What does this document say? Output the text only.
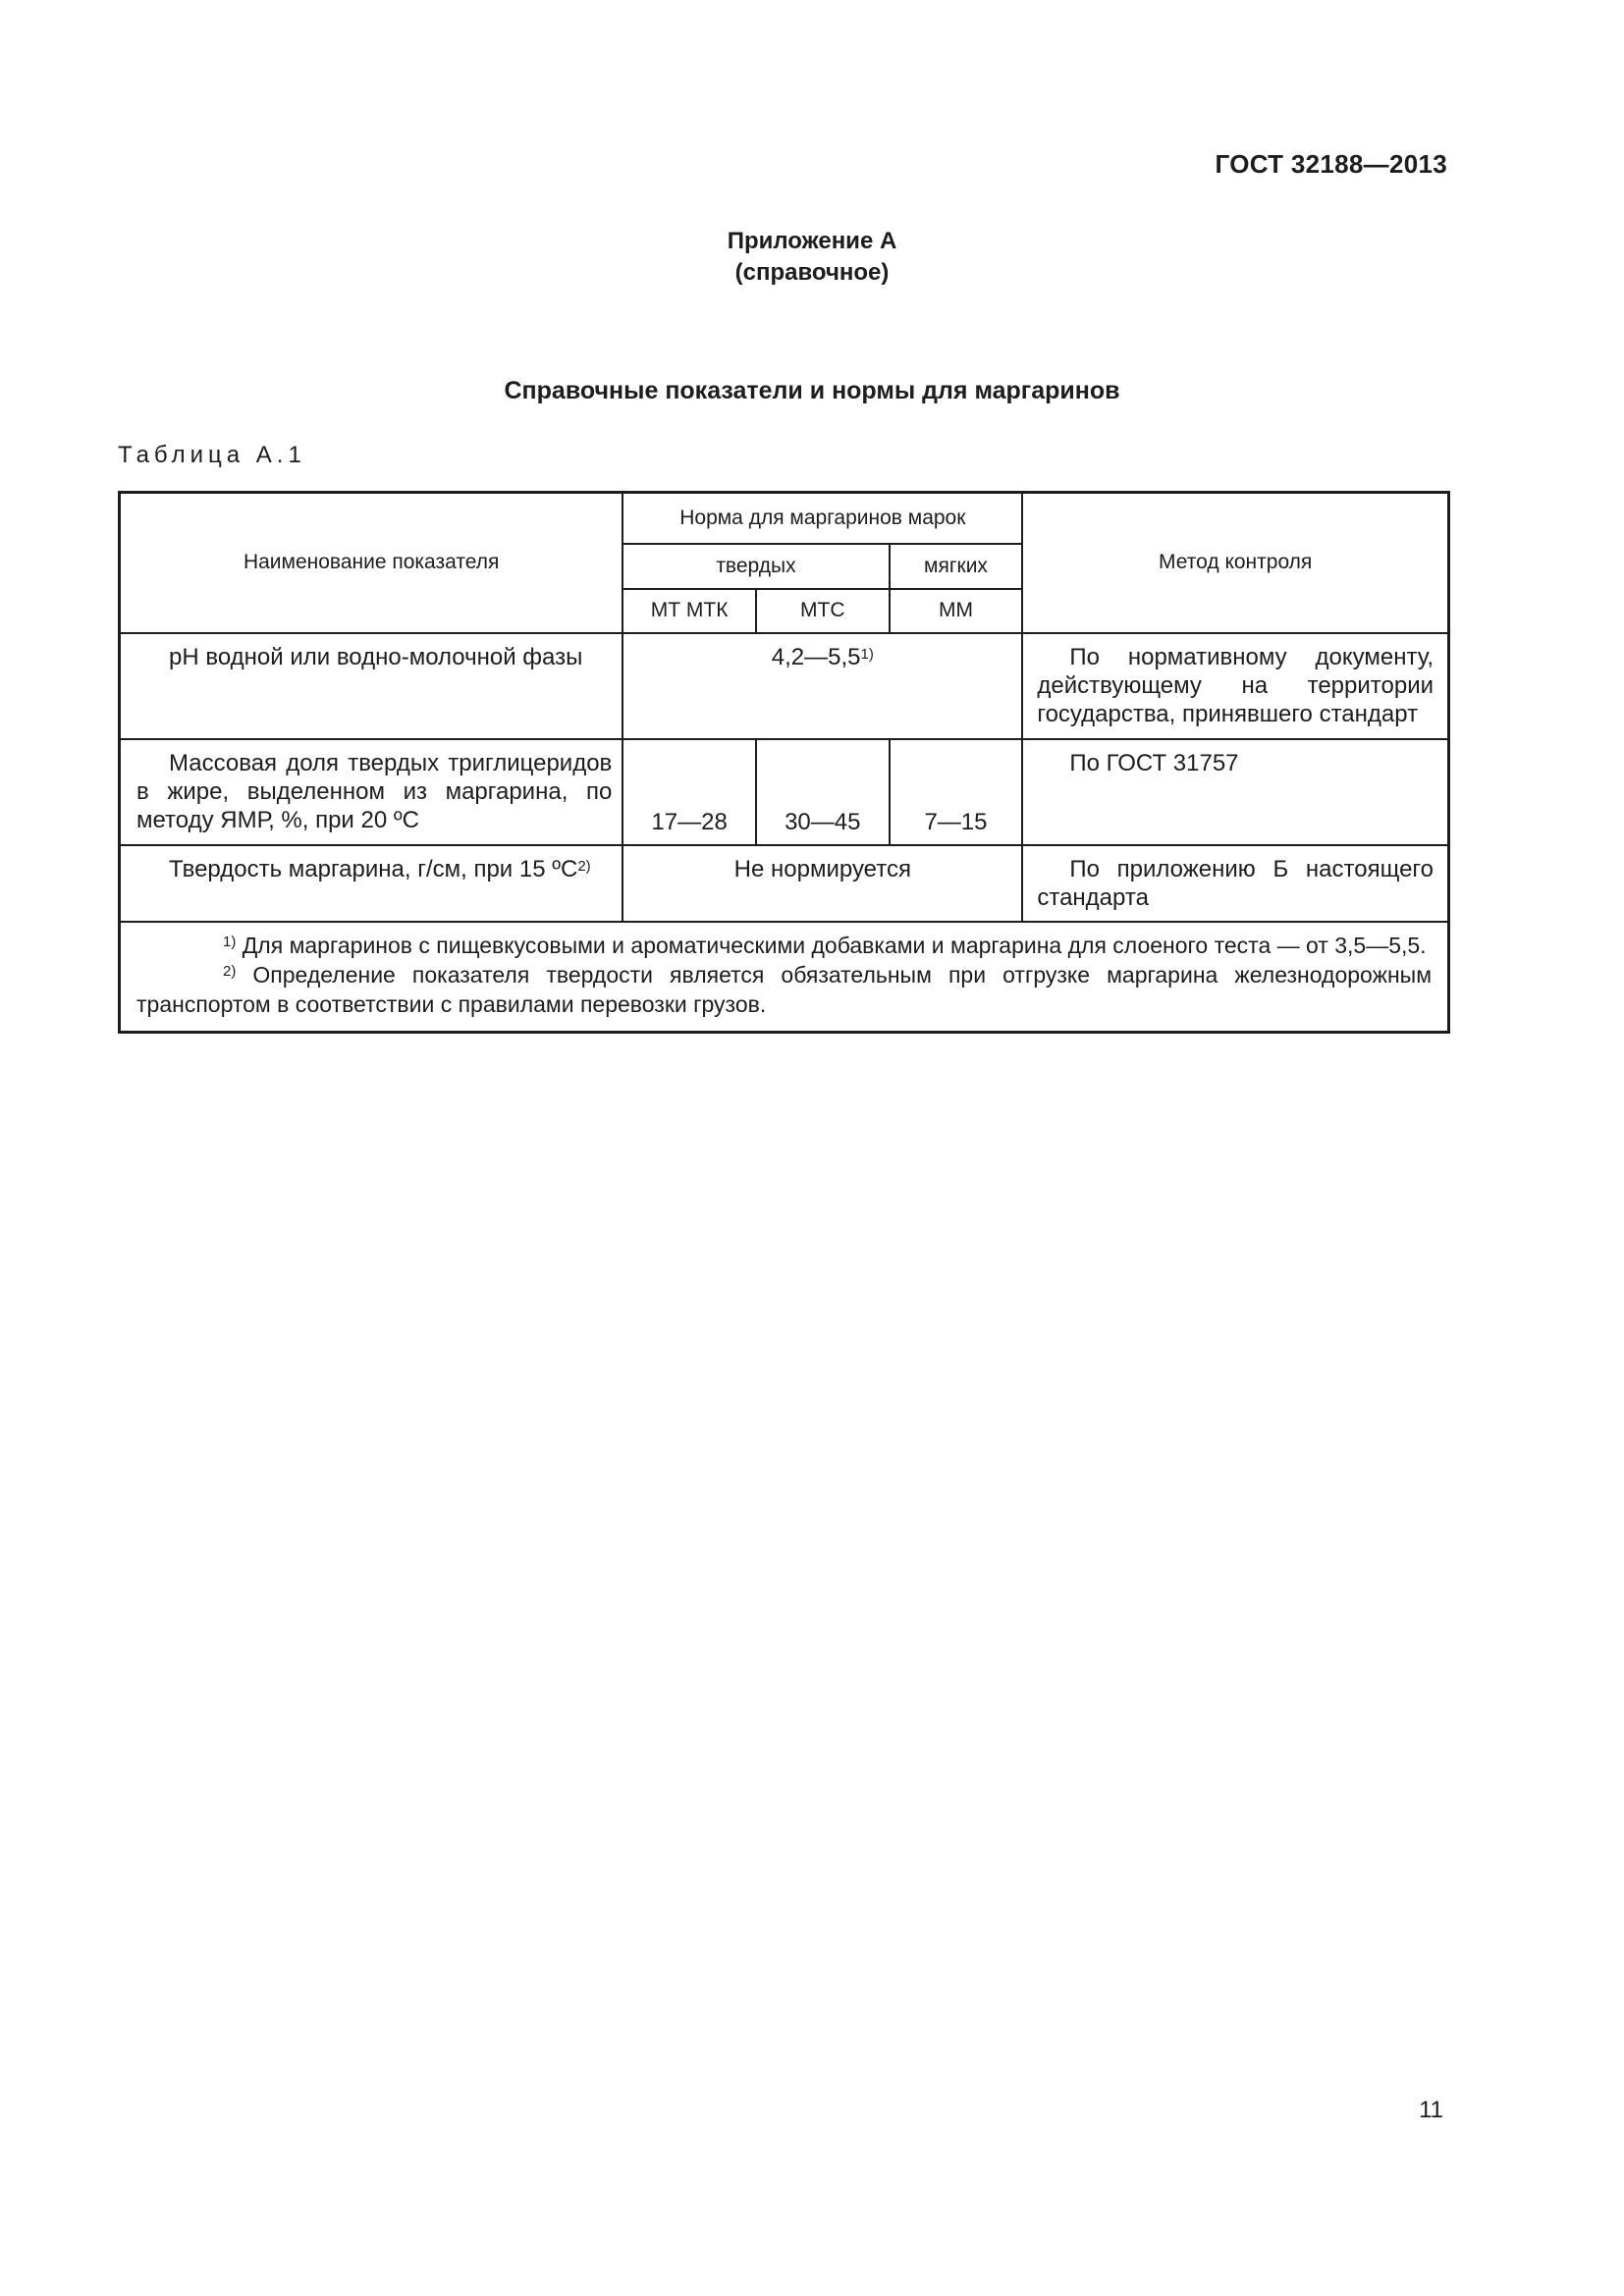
ГОСТ 32188—2013
Приложение А
(справочное)
Справочные показатели и нормы для маргаринов
Таблица А.1
Наименование показателя	Норма для маргаринов марок			Метод контроля
	твердых		мягких	
	МТ МТК	МТС	ММ	
рН водной или водно-молочной фазы	4,2—5,5$^{1)}$			По нормативному документу, действующему на территории государства, принявшего стандарт
Массовая доля твердых триглицеридов в жире, выделенном из маргарина, по методу ЯМР, %, при 20 ºС	17—28	30—45	7—15	По ГОСТ 31757
Твердость маргарина, г/см, при 15 ºС$^{2)}$	Не нормируется			По приложению Б настоящего стандарта

$^{1)}$ Для маргаринов с пищевкусовыми и ароматическими добавками и маргарина для слоеного теста — от 3,5—5,5.
$^{2)}$ Определение показателя твердости является обязательным при отгрузке маргарина железнодорожным транспортом в соответствии с правилами перевозки грузов.				
11
